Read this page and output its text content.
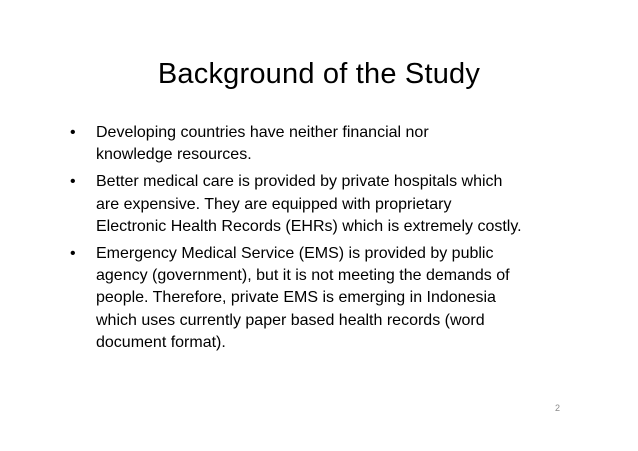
Background of the Study
•	Developing countries have neither financial nor
knowledge resources.
•	Better medical care is provided by private hospitals which
are expensive. They are equipped with proprietary
Electronic Health Records (EHRs) which is extremely costly.
•	Emergency Medical Service (EMS) is provided by public
agency (government), but it is not meeting the demands of
people. Therefore, private EMS is emerging in Indonesia
which uses currently paper based health records (word
document format).
2
